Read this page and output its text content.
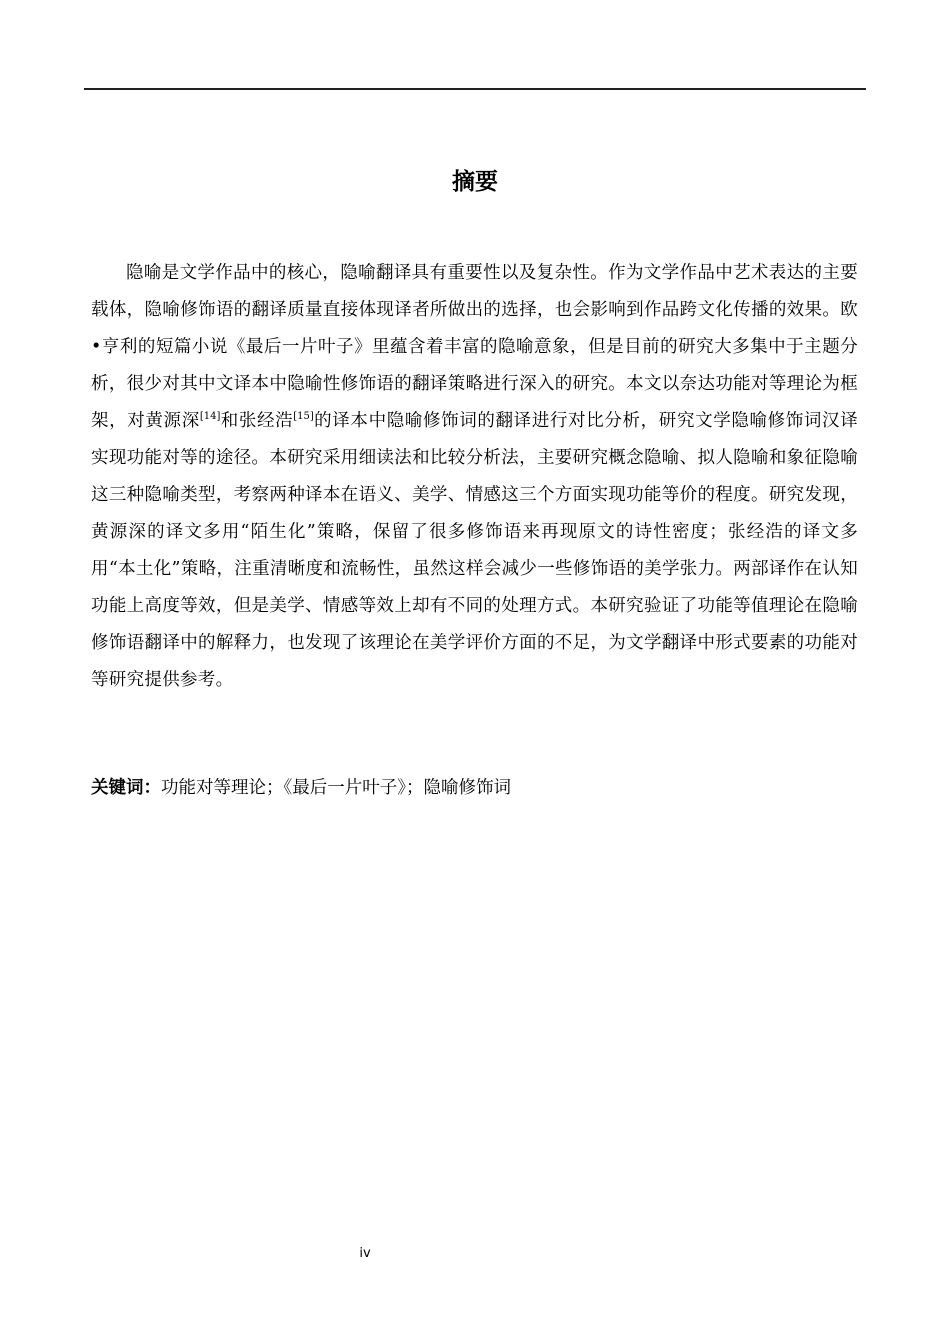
摘要

隐喻是文学作品中的核心，隐喻翻译具有重要性以及复杂性。作为文学作品中艺术表达的主要载体，隐喻修饰语的翻译质量直接体现译者所做出的选择，也会影响到作品跨文化传播的效果。欧•亨利的短篇小说《最后一片叶子》里蕴含着丰富的隐喻意象，但是目前的研究大多集中于主题分析，很少对其中文译本中隐喻性修饰语的翻译策略进行深入的研究。本文以奈达功能对等理论为框架，对黄源深[14]和张经浩[15]的译本中隐喻修饰词的翻译进行对比分析，研究文学隐喻修饰词汉译实现功能对等的途径。本研究采用细读法和比较分析法，主要研究概念隐喻、拟人隐喻和象征隐喻这三种隐喻类型，考察两种译本在语义、美学、情感这三个方面实现功能等价的程度。研究发现，黄源深的译文多用“陌生化”策略，保留了很多修饰语来再现原文的诗性密度；张经浩的译文多用“本土化”策略，注重清晰度和流畅性，虽然这样会减少一些修饰语的美学张力。两部译作在认知功能上高度等效，但是美学、情感等效上却有不同的处理方式。本研究验证了功能等值理论在隐喻修饰语翻译中的解释力，也发现了该理论在美学评价方面的不足，为文学翻译中形式要素的功能对等研究提供参考。

关键词：功能对等理论；《最后一片叶子》；隐喻修饰词

iv
